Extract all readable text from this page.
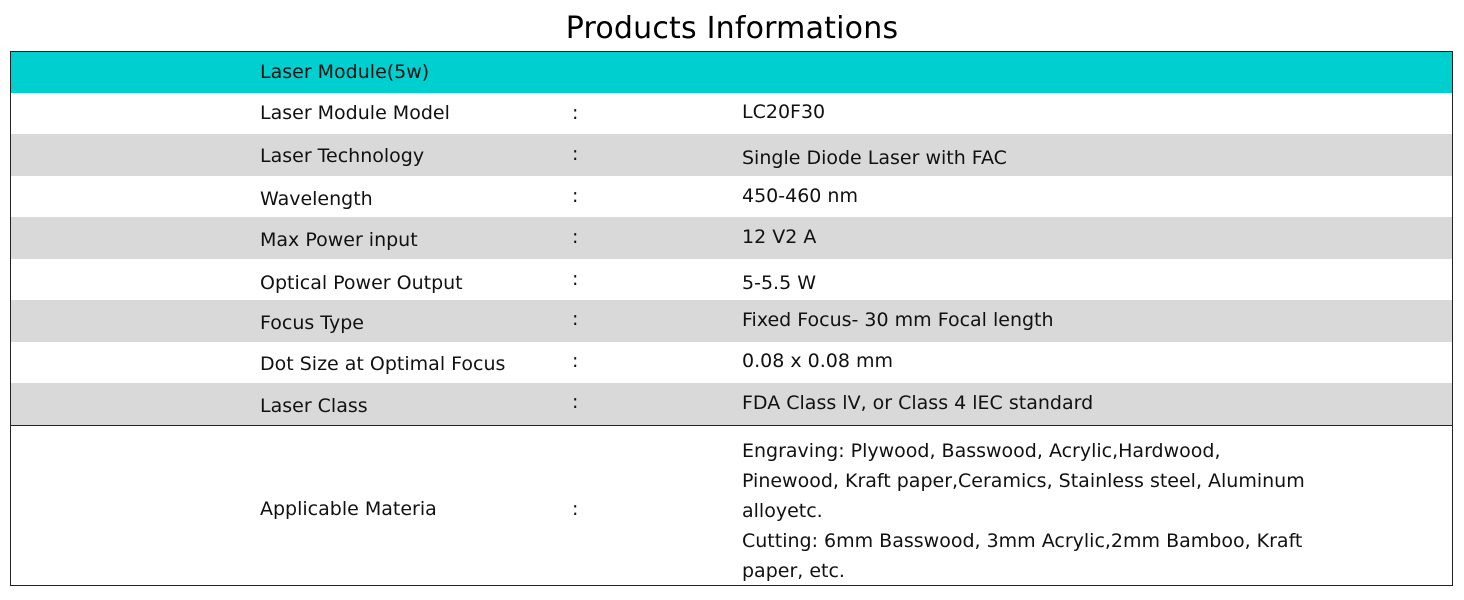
Products Informations
Laser Module(5w)
Laser Module Model	:	LC20F30
Laser Technology	:	Single Diode Laser with FAC
Wavelength	:	450-460 nm
Max Power input	:	12 V2 A
Optical Power Output	:	5-5.5 W
Focus Type	:	Fixed Focus- 30 mm Focal length
Dot Size at Optimal Focus	:	0.08 x 0.08 mm
Laser Class	:	FDA Class lV, or Class 4 lEC standard
Applicable Materia	:
Engraving: Plywood, Basswood, Acrylic,Hardwood,
Pinewood, Kraft paper,Ceramics, Stainless steel, Aluminum
alloyetc.
Cutting: 6mm Basswood, 3mm Acrylic,2mm Bamboo, Kraft
paper, etc.
